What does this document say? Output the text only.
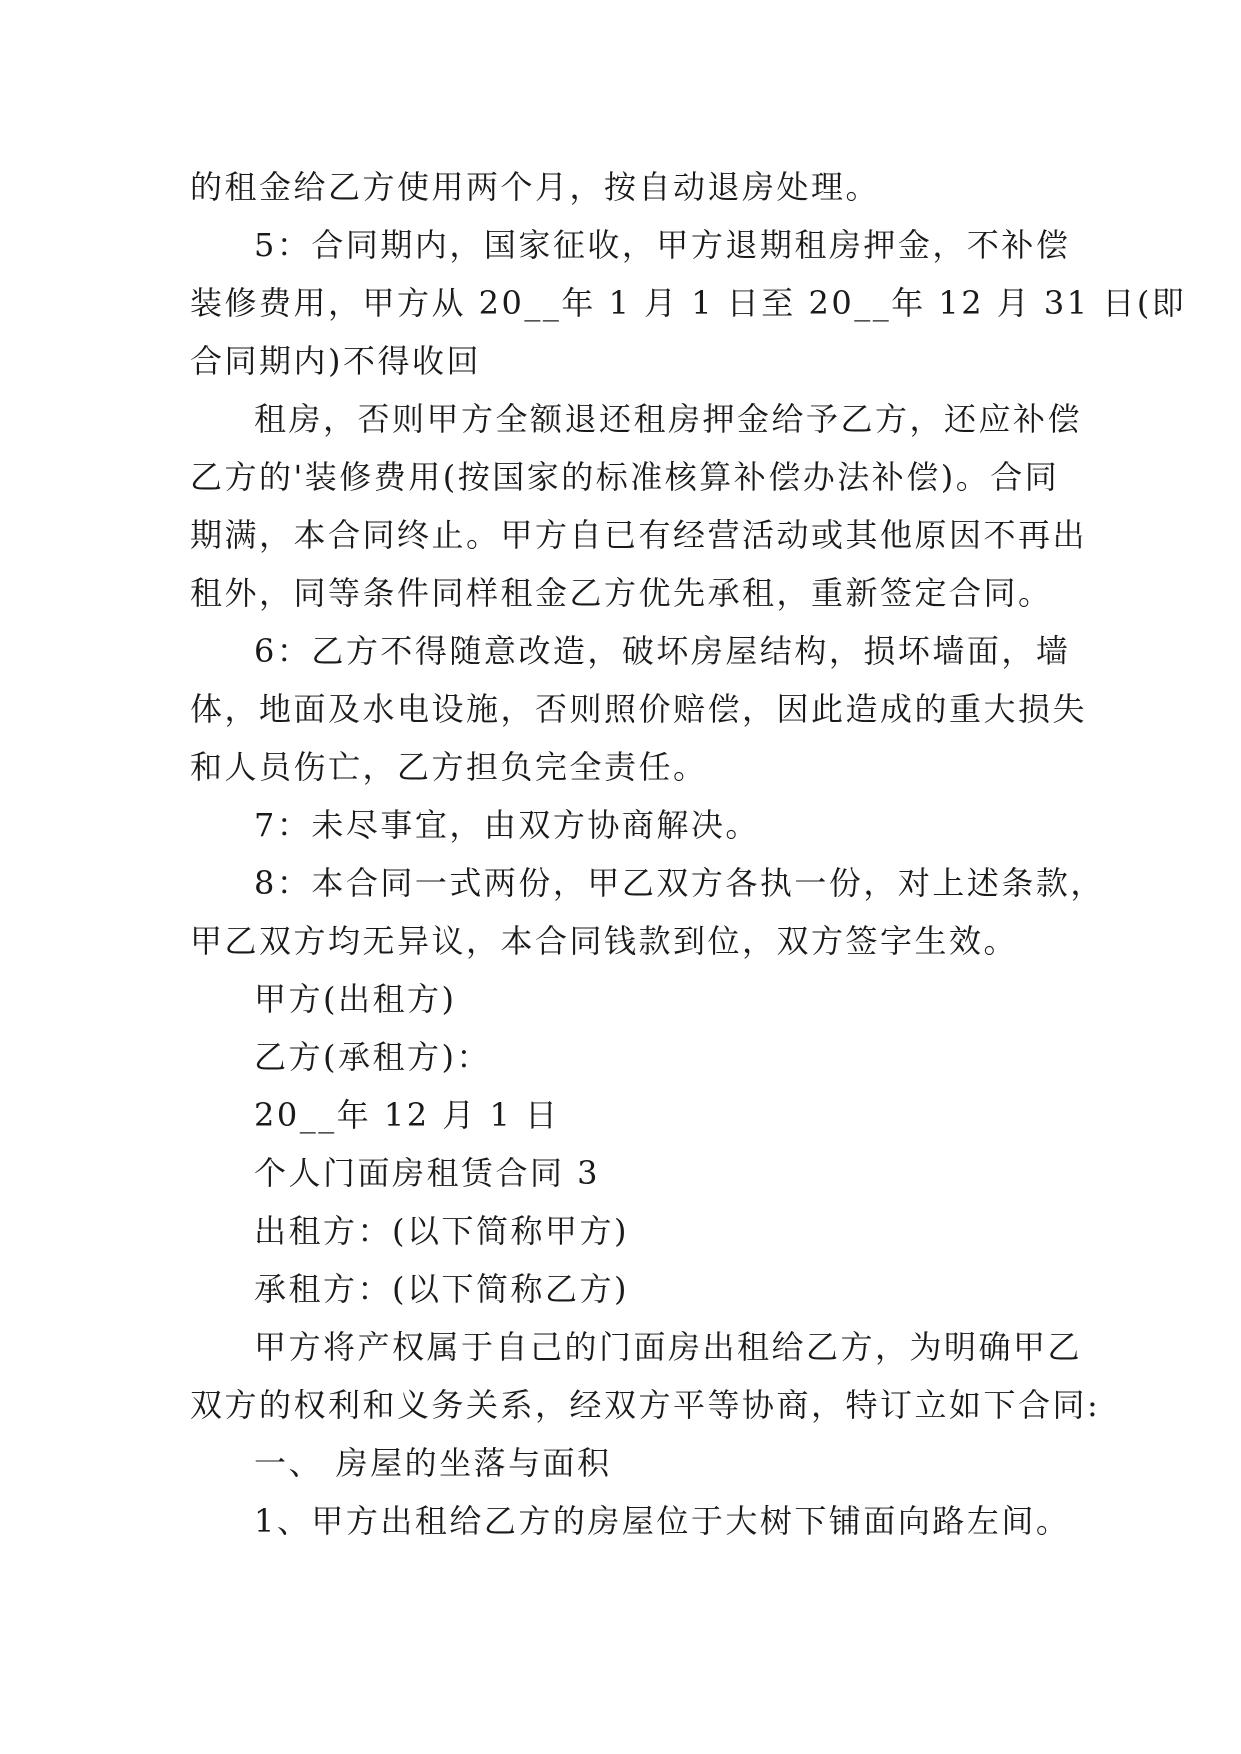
的租金给乙方使用两个月，按自动退房处理。
5：合同期内，国家征收，甲方退期租房押金，不补偿
装修费用，甲方从 20__年 1 月 1 日至 20__年 12 月 31 日(即
合同期内)不得收回
租房，否则甲方全额退还租房押金给予乙方，还应补偿
乙方的'装修费用(按国家的标准核算补偿办法补偿)。合同
期满，本合同终止。甲方自已有经营活动或其他原因不再出
租外，同等条件同样租金乙方优先承租，重新签定合同。
6：乙方不得随意改造，破坏房屋结构，损坏墙面，墙
体，地面及水电设施，否则照价赔偿，因此造成的重大损失
和人员伤亡，乙方担负完全责任。
7：未尽事宜，由双方协商解决。
8：本合同一式两份，甲乙双方各执一份，对上述条款，
甲乙双方均无异议，本合同钱款到位，双方签字生效。
甲方(出租方)
乙方(承租方)：
20__年 12 月 1 日
个人门面房租赁合同 3
出租方：(以下简称甲方)
承租方：(以下简称乙方)
甲方将产权属于自己的门面房出租给乙方，为明确甲乙
双方的权利和义务关系，经双方平等协商，特订立如下合同:
一、 房屋的坐落与面积
1、甲方出租给乙方的房屋位于大树下铺面向路左间。
